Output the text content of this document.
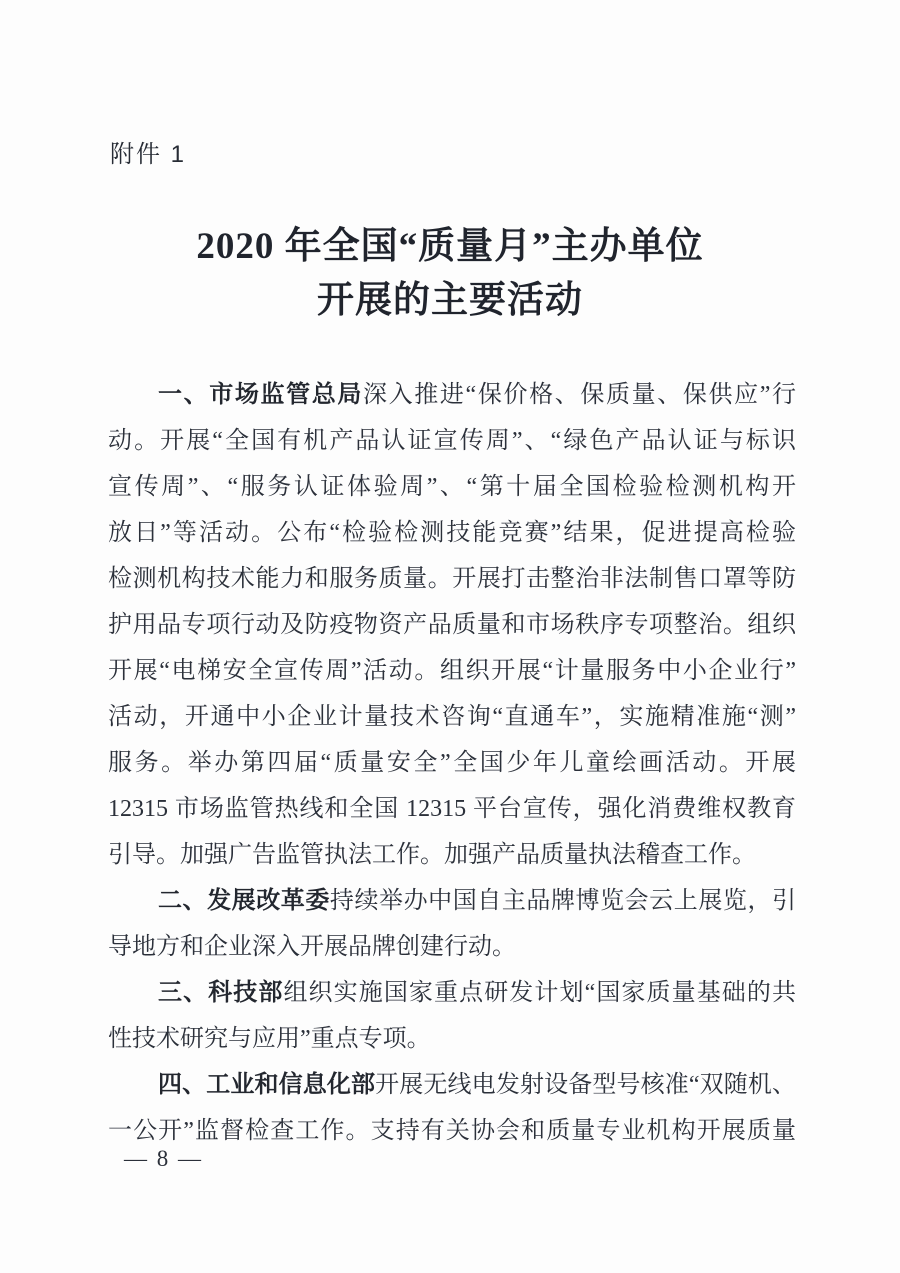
附件 1
2020 年全国“质量月”主办单位
开展的主要活动
一、市场监管总局深入推进“保价格、保质量、保供应”行
动。开展“全国有机产品认证宣传周”、“绿色产品认证与标识
宣传周”、“服务认证体验周”、“第十届全国检验检测机构开
放日”等活动。公布“检验检测技能竞赛”结果，促进提高检验
检测机构技术能力和服务质量。开展打击整治非法制售口罩等防
护用品专项行动及防疫物资产品质量和市场秩序专项整治。组织
开展“电梯安全宣传周”活动。组织开展“计量服务中小企业行”
活动，开通中小企业计量技术咨询“直通车”，实施精准施“测”
服务。举办第四届“质量安全”全国少年儿童绘画活动。开展
12315 市场监管热线和全国 12315 平台宣传，强化消费维权教育
引导。加强广告监管执法工作。加强产品质量执法稽查工作。
二、发展改革委持续举办中国自主品牌博览会云上展览，引
导地方和企业深入开展品牌创建行动。
三、科技部组织实施国家重点研发计划“国家质量基础的共
性技术研究与应用”重点专项。
四、工业和信息化部开展无线电发射设备型号核准“双随机、
一公开”监督检查工作。支持有关协会和质量专业机构开展质量
— 8 —
